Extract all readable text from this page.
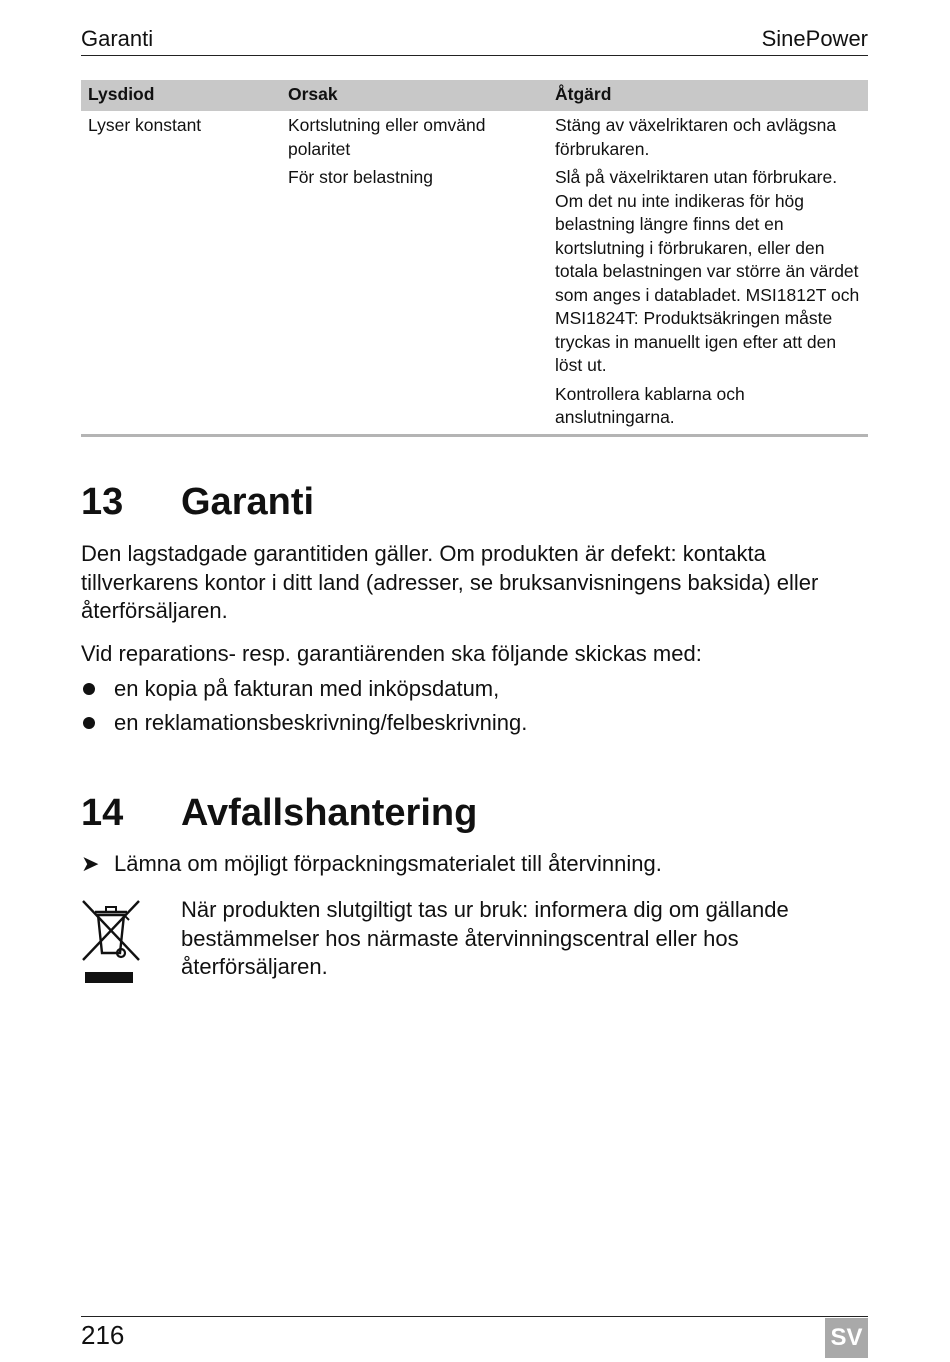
Garanti	SinePower
Lysdiod	Orsak	Åtgärd
Lyser konstant	Kortslutning eller omvänd polaritet	Stäng av växelriktaren och avlägsna förbrukaren.
	För stor belastning	Slå på växelriktaren utan förbrukare. Om det nu inte indikeras för hög belastning längre finns det en kortslutning i förbrukaren, eller den totala belastningen var större än värdet som anges i databladet. MSI1812T och MSI1824T: Produktsäkringen måste tryckas in manuellt igen efter att den löst ut.
		Kontrollera kablarna och anslutningarna.
13 Garanti
Den lagstadgade garantitiden gäller. Om produkten är defekt: kontakta tillverkarens kontor i ditt land (adresser, se bruksanvisningens baksida) eller återförsäljaren.
Vid reparations- resp. garantiärenden ska följande skickas med:
en kopia på fakturan med inköpsdatum,
en reklamationsbeskrivning/felbeskrivning.
14 Avfallshantering
➤ Lämna om möjligt förpackningsmaterialet till återvinning.
När produkten slutgiltigt tas ur bruk: informera dig om gällande bestämmelser hos närmaste återvinningscentral eller hos återförsäljaren.
216	SV
